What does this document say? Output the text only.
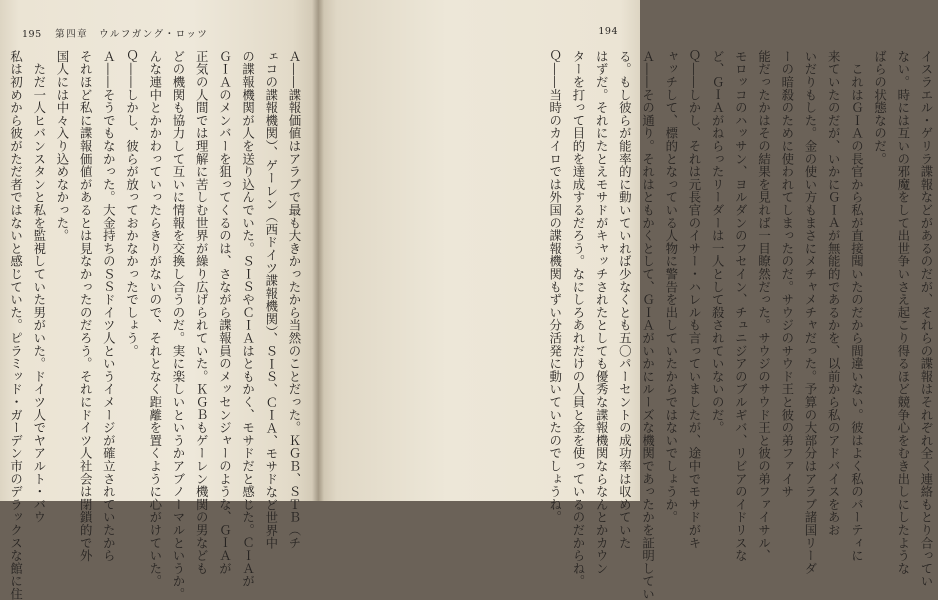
195 第四章　ウルフガング・ロッツ
Ａ――諜報価値はアラブで最も大きかったから当然のことだった。ＫＧＢ、ＳＴＢ（チ
ェコの諜報機関）、ゲーレン（西ドイツ諜報機関）、ＳＩＳ、ＣＩＡ、モサドなど世界中
の諜報機関が人を送り込んでいた。ＳＩＳやＣＩＡはともかく、モサドだと感じた。ＣＩＡが
ＧＩＡのメンバーを狙ってくるのは、さながら諜報員のメッセンジャーのような、ＧＩＡが
正気の人間では理解に苦しむ世界が繰り広げられていた。ＫＧＢもゲーレン機関の男なども
どの機関も協力して互いに情報を交換し合うのだ。実に楽しいというかアブノーマルというか。
んな連中とかかわっていったらきりがないので、それとなく距離を置くように心がけていた。
Ｑ――しかし、彼らが放っておかなかったでしょう。
Ａ――そうでもなかった。大金持ちのＳＳドイツ人というイメージが確立されていたから
それほど私に諜報価値があるとは見なかったのだろう。それにドイツ人社会は閉鎖的で外
国人には中々入り込めなかった。
　ただ一人ヒバンスタンと私を監視していた男がいた。ドイツ人でヤアルト・バウ
私は初めから彼がただ者ではないと感じていた。ピラミッド・ガーデン市のデラックスな館に住
194
イスラエル・ゲリラ諜報などがあるのだが、それらの諜報はそれぞれ全く連絡もとり合ってい
ない。時には互いの邪魔をして出世争いさえ起こり得るほど競争心をむき出しにしたような
ばらの状態なのだ。
　これはＧＩＡの長官から私が直接聞いたのだから間違いない。彼はよく私のパーティに
来ていたのだが、いかにＧＩＡが無能的であるかを、以前から私のアドバイスをあお
いだりもした。金の使い方もまさにメチャメチャだった。予算の大部分はアラブ諸国リーダ
ーの暗殺のために使われてしまったのだ。サウジのサウド王と彼の弟ファイサ
能だったかはその結果を見れば一目瞭然だった。サウジのサウド王と彼の弟ファイサル、
モロッコのハッサン、ヨルダンのフセイン、チュニジアのブルギバ、リビアのイドリスな
ど、ＧＩＡがねらったリーダーは一人として殺されていないのだ。
Ｑ――しかし、それは元長官のイサー・ハレルも言っていましたが、途中でモサドがキ
ャッチして、標的となっている人物に警告を出していたからではないでしょうか。
Ａ――その通り。それはともかくとして、ＧＩＡがいかにルーズな機関であったかを証明してい
る。もし彼らが能率的に動いていれば少なくとも五〇パーセントの成功率は収めていた
はずだ。それにたとえモサドがキャッチされたとしても優秀な諜報機関ならなんとかカウン
ターを打って目的を達成するだろう。なにしろあれだけの人員と金を使っているのだからね。
Ｑ――当時のカイロでは外国の諜報機関もずい分活発に動いていたのでしょうね。
